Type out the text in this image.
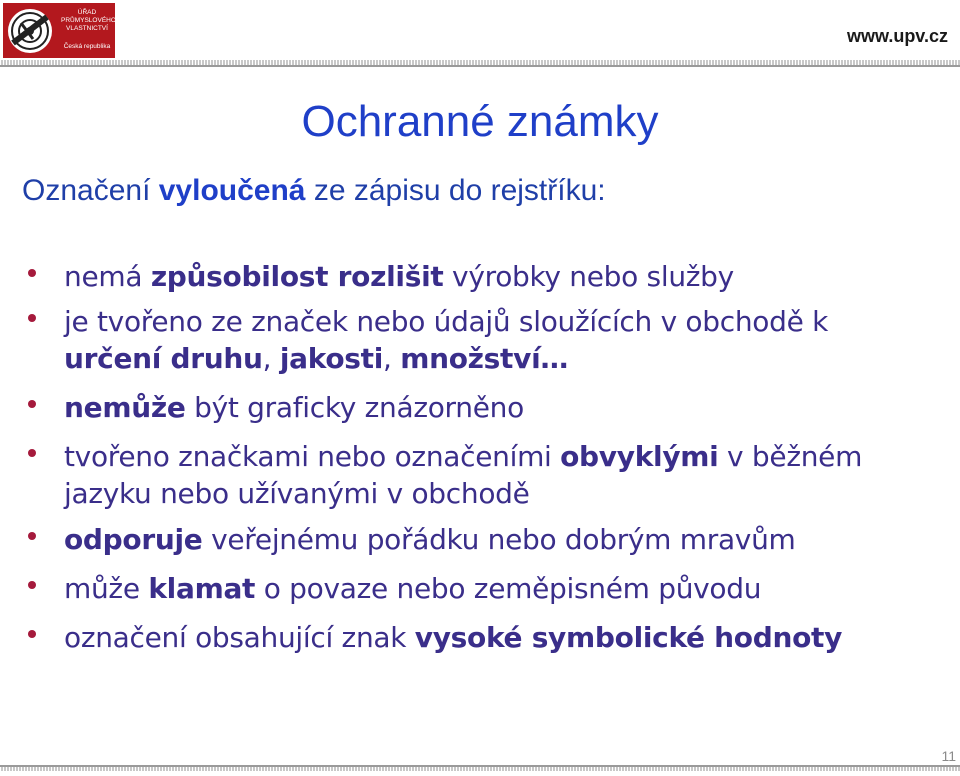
ÚŘAD
PRŮMYSLOVÉHO
VLASTNICTVÍ
Česká republika
www.upv.cz
Ochranné známky
Označení vyloučená ze zápisu do rejstříku:
nemá způsobilost rozlišit výrobky nebo služby
je tvořeno ze značek nebo údajů sloužících v obchodě k
určení druhu, jakosti, množství…
nemůže být graficky znázorněno
tvořeno značkami nebo označeními obvyklými v běžném jazyku nebo užívanými v obchodě
odporuje veřejnému pořádku nebo dobrým mravům
může klamat o povaze nebo zeměpisném původu
označení obsahující znak vysoké symbolické hodnoty
11
